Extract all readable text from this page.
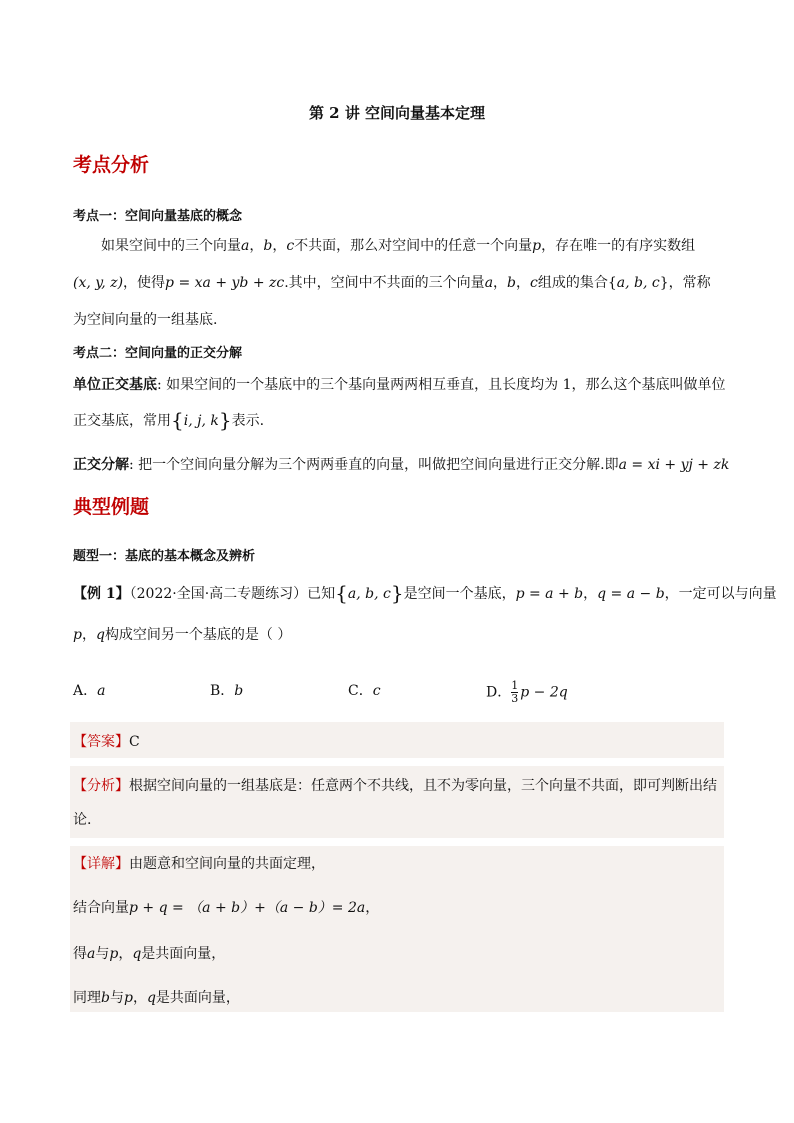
第 2 讲 空间向量基本定理
考点分析
考点一：空间向量基底的概念
如果空间中的三个向量a，b，c不共面，那么对空间中的任意一个向量p，存在唯一的有序实数组
(x, y, z)，使得p = xa + yb + zc.其中，空间中不共面的三个向量a，b，c组成的集合{a, b, c}，常称
为空间向量的一组基底.
考点二：空间向量的正交分解
单位正交基底: 如果空间的一个基底中的三个基向量两两相互垂直，且长度均为 1，那么这个基底叫做单位
正交基底，常用{i, j, k}表示.
正交分解: 把一个空间向量分解为三个两两垂直的向量，叫做把空间向量进行正交分解.即a = xi + yj + zk
典型例题
题型一：基底的基本概念及辨析
【例 1】（2022·全国·高二专题练习）已知{a, b, c}是空间一个基底，p = a + b，q = a − b，一定可以与向量
p，q构成空间另一个基底的是（ ）
A．a	B．b	C．c	D． $\frac{1}{3}$ p − 2q
【答案】C
【分析】根据空间向量的一组基底是：任意两个不共线，且不为零向量，三个向量不共面，即可判断出结
论.
【详解】由题意和空间向量的共面定理，
结合向量p + q = （a + b）+（a − b）= 2a，
得a与p，q是共面向量，
同理b与p，q是共面向量，
